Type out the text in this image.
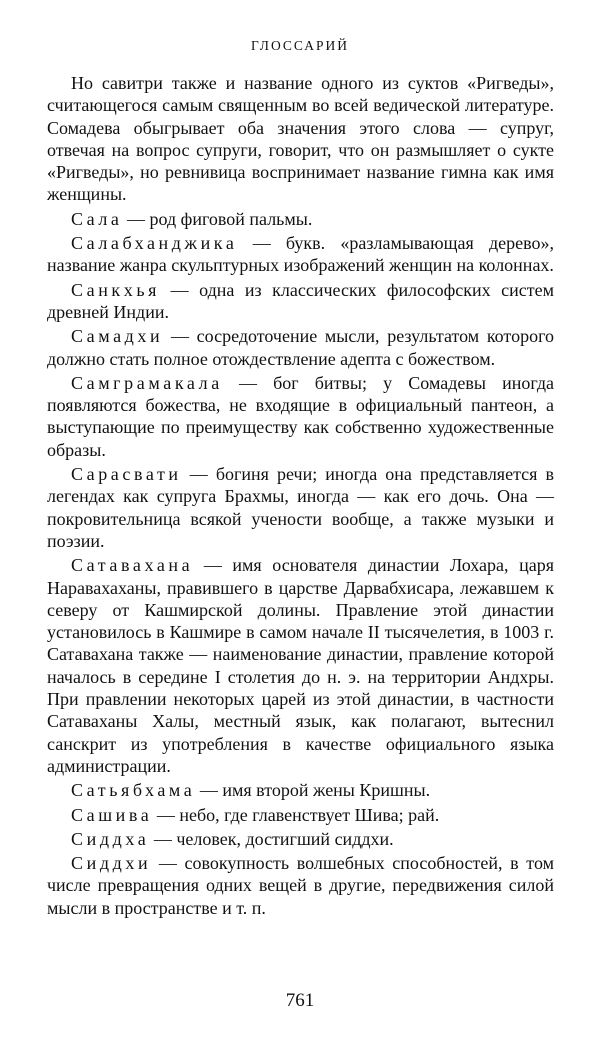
ГЛОССАРИЙ

Но савитри также и название одного из суктов «Ригведы», считающегося самым священным во всей ведической литературе. Сомадева обыгрывает оба значения этого слова — супруг, отвечая на вопрос супруги, говорит, что он размышляет о сукте «Ригведы», но ревнивица воспринимает название гимна как имя женщины.

Сала — род фиговой пальмы.

Салабханджика — букв. «разламывающая дерево», название жанра скульптурных изображений женщин на колоннах.

Санкхья — одна из классических философских систем древней Индии.

Самадхи — сосредоточение мысли, результатом которого должно стать полное отождествление адепта с божеством.

Самграмакала — бог битвы; у Сомадевы иногда появляются божества, не входящие в официальный пантеон, а выступающие по преимуществу как собственно художественные образы.

Сарасвати — богиня речи; иногда она представляется в легендах как супруга Брахмы, иногда — как его дочь. Она — покровительница всякой учености вообще, а также музыки и поэзии.

Сатавахана — имя основателя династии Лохара, царя Наравахаханы, правившего в царстве Дарвабхисара, лежавшем к северу от Кашмирской долины. Правление этой династии установилось в Кашмире в самом начале II тысячелетия, в 1003 г. Сатавахана также — наименование династии, правление которой началось в середине I столетия до н. э. на территории Андхры. При правлении некоторых царей из этой династии, в частности Сатаваханы Халы, местный язык, как полагают, вытеснил санскрит из употребления в качестве официального языка администрации.

Сатьябхама — имя второй жены Кришны.

Сашива — небо, где главенствует Шива; рай.

Сиддха — человек, достигший сиддхи.

Сиддхи — совокупность волшебных способностей, в том числе превращения одних вещей в другие, передвижения силой мысли в пространстве и т. п.

761
